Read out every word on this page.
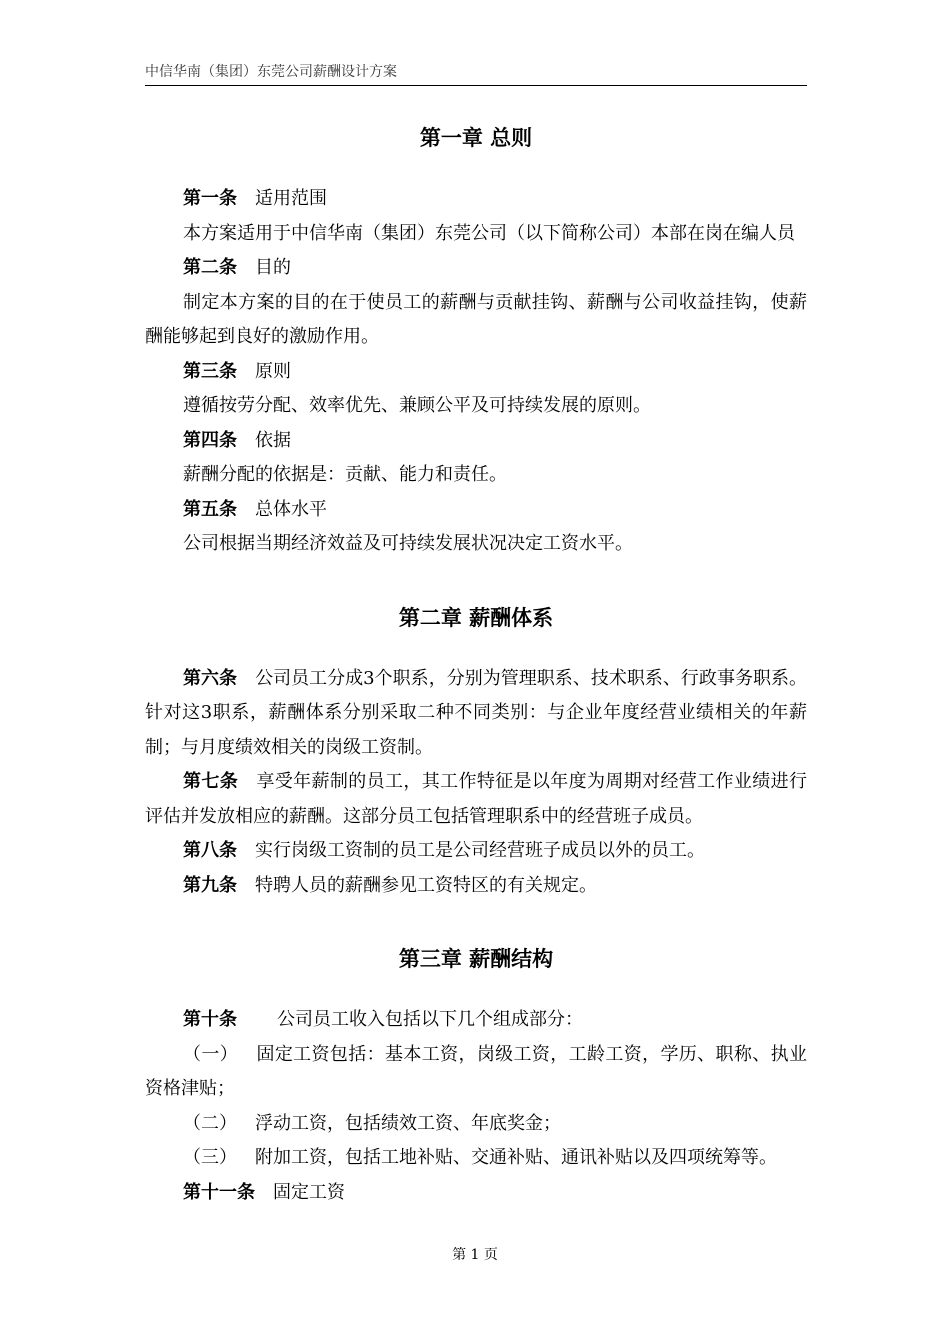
中信华南（集团）东莞公司薪酬设计方案
第一章 总则

第一条 适用范围

本方案适用于中信华南（集团）东莞公司（以下简称公司）本部在岗在编人员

第二条 目的

制定本方案的目的在于使员工的薪酬与贡献挂钩、薪酬与公司收益挂钩，使薪酬能够起到良好的激励作用。

第三条 原则

遵循按劳分配、效率优先、兼顾公平及可持续发展的原则。

第四条 依据

薪酬分配的依据是：贡献、能力和责任。

第五条 总体水平

公司根据当期经济效益及可持续发展状况决定工资水平。

第二章 薪酬体系

第六条 公司员工分成3个职系，分别为管理职系、技术职系、行政事务职系。针对这3职系，薪酬体系分别采取二种不同类别：与企业年度经营业绩相关的年薪制；与月度绩效相关的岗级工资制。

第七条 享受年薪制的员工，其工作特征是以年度为周期对经营工作业绩进行评估并发放相应的薪酬。这部分员工包括管理职系中的经营班子成员。

第八条 实行岗级工资制的员工是公司经营班子成员以外的员工。

第九条 特聘人员的薪酬参见工资特区的有关规定。

第三章 薪酬结构

第十条 公司员工收入包括以下几个组成部分：

（一） 固定工资包括：基本工资，岗级工资，工龄工资，学历、职称、执业资格津贴；

（二） 浮动工资，包括绩效工资、年底奖金；

（三） 附加工资，包括工地补贴、交通补贴、通讯补贴以及四项统筹等。

第十一条 固定工资

第 1 页
